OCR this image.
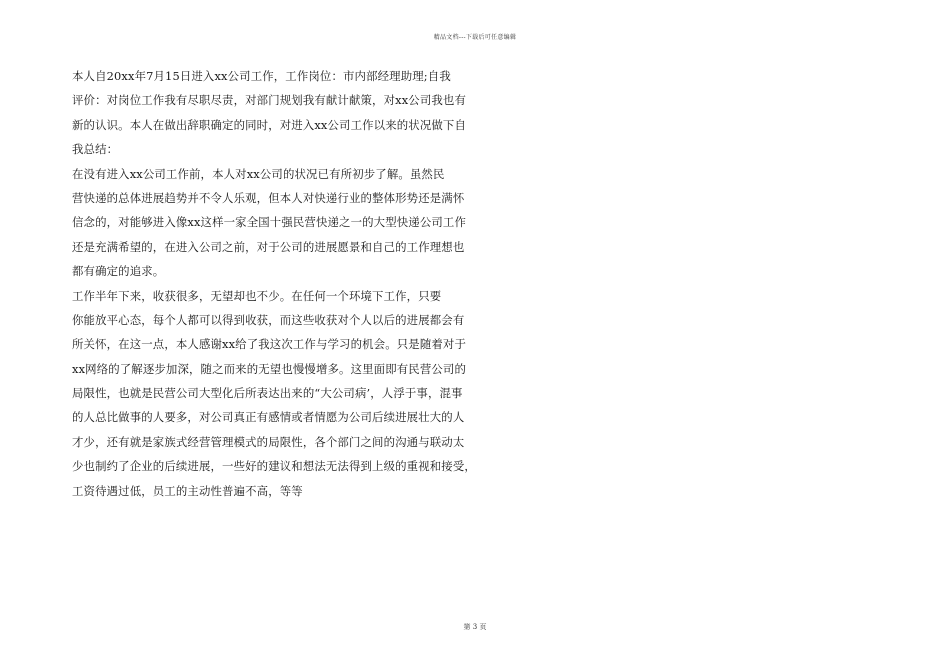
精品文档---下载后可任意编辑
本人自20xx年7月15日进入xx公司工作，工作岗位：市内部经理助理;自我
评价：对岗位工作我有尽职尽责，对部门规划我有献计献策，对xx公司我也有
新的认识。本人在做出辞职确定的同时，对进入xx公司工作以来的状况做下自
我总结：
在没有进入xx公司工作前，本人对xx公司的状况已有所初步了解。虽然民
营快递的总体进展趋势并不令人乐观，但本人对快递行业的整体形势还是满怀
信念的，对能够进入像xx这样一家全国十强民营快递之一的大型快递公司工作
还是充满希望的，在进入公司之前，对于公司的进展愿景和自己的工作理想也
都有确定的追求。
工作半年下来，收获很多，无望却也不少。在任何一个环境下工作，只要
你能放平心态，每个人都可以得到收获，而这些收获对个人以后的进展都会有
所关怀，在这一点，本人感谢xx给了我这次工作与学习的机会。只是随着对于
xx网络的了解逐步加深，随之而来的无望也慢慢增多。这里面即有民营公司的
局限性，也就是民营公司大型化后所表达出来的“大公司病’，人浮于事，混事
的人总比做事的人要多，对公司真正有感情或者情愿为公司后续进展壮大的人
才少，还有就是家族式经营管理模式的局限性，各个部门之间的沟通与联动太
少也制约了企业的后续进展，一些好的建议和想法无法得到上级的重视和接受，
工资待遇过低，员工的主动性普遍不高，等等
第 3 页
